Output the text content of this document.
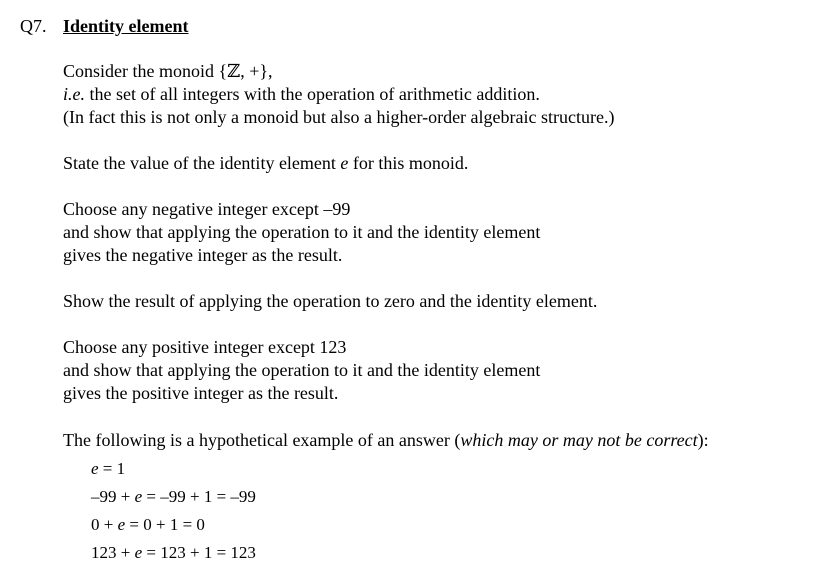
Q7. Identity element
Consider the monoid {ℤ, +},
i.e. the set of all integers with the operation of arithmetic addition.
(In fact this is not only a monoid but also a higher-order algebraic structure.)
State the value of the identity element e for this monoid.
Choose any negative integer except –99
and show that applying the operation to it and the identity element
gives the negative integer as the result.
Show the result of applying the operation to zero and the identity element.
Choose any positive integer except 123
and show that applying the operation to it and the identity element
gives the positive integer as the result.
The following is a hypothetical example of an answer (which may or may not be correct):
e = 1
–99 + e = –99 + 1 = –99
0 + e = 0 + 1 = 0
123 + e = 123 + 1 = 123
